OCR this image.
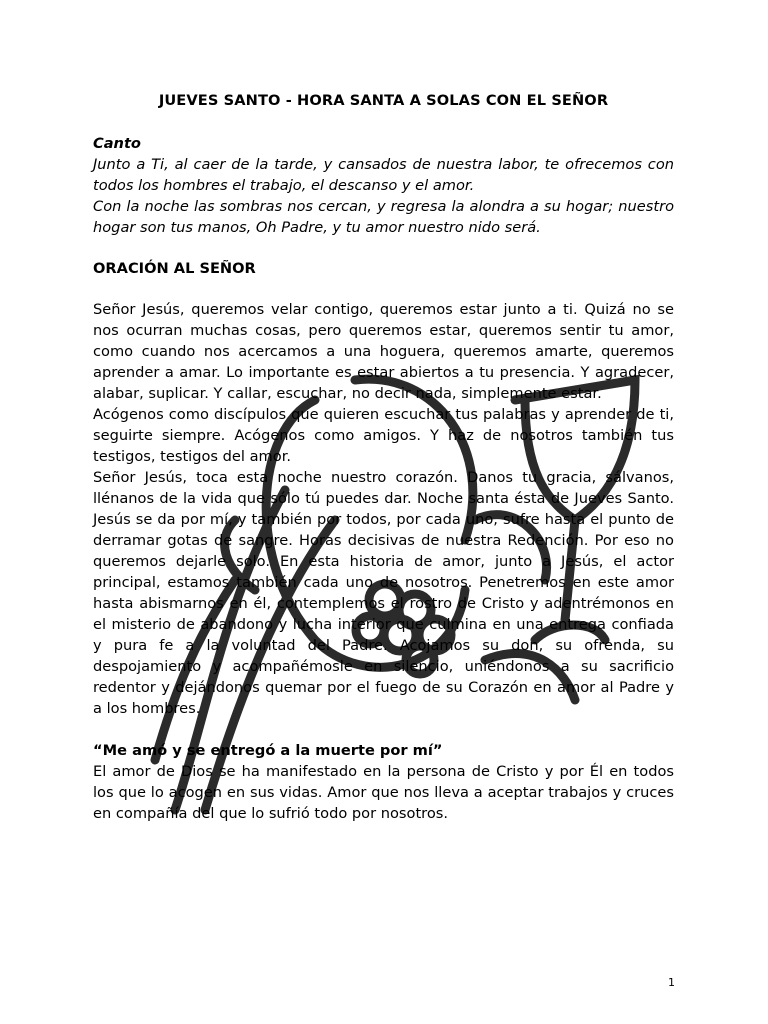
JUEVES SANTO - HORA SANTA A SOLAS CON EL SEÑOR
Canto

Junto a Ti, al caer de la tarde, y cansados de nuestra labor, te ofrecemos con todos los hombres el trabajo, el descanso y el amor.

Con la noche las sombras nos cercan, y regresa la alondra a su hogar; nuestro hogar son tus manos, Oh Padre, y tu amor nuestro nido será.

ORACIÓN AL SEÑOR

Señor Jesús, queremos velar contigo, queremos estar junto a ti. Quizá no se nos ocurran muchas cosas, pero queremos estar, queremos sentir tu amor, como cuando nos acercamos a una hoguera, queremos amarte, queremos aprender a amar. Lo importante es estar abiertos a tu presencia. Y agradecer, alabar, suplicar. Y callar, escuchar, no decir nada, simplemente estar.

Acógenos como discípulos que quieren escuchar tus palabras y aprender de ti, seguirte siempre. Acógenos como amigos. Y haz de nosotros también tus testigos, testigos del amor.

Señor Jesús, toca esta noche nuestro corazón. Danos tu gracia, sálvanos, llénanos de la vida que sólo tú puedes dar. Noche santa ésta de Jueves Santo. Jesús se da por mí, y también por todos, por cada uno, sufre hasta el punto de derramar gotas de sangre. Horas decisivas de nuestra Redención. Por eso no queremos dejarle solo. En esta historia de amor, junto a Jesús, el actor principal, estamos también cada uno de nosotros. Penetremos en este amor hasta abismarnos en él, contemplemos el rostro de Cristo y adentrémonos en el misterio de abandono y lucha interior que culmina en una entrega confiada y pura fe a la voluntad del Padre. Acojamos su don, su ofrenda, su despojamiento y acompañémosle en silencio, uniéndonos a su sacrificio redentor y dejándonos quemar por el fuego de su Corazón en amor al Padre y a los hombres.

“Me amó y se entregó a la muerte por mí”

El amor de Dios se ha manifestado en la persona de Cristo y por Él en todos los que lo acogen en sus vidas. Amor que nos lleva a aceptar trabajos y cruces en compañía del que lo sufrió todo por nosotros.

1
